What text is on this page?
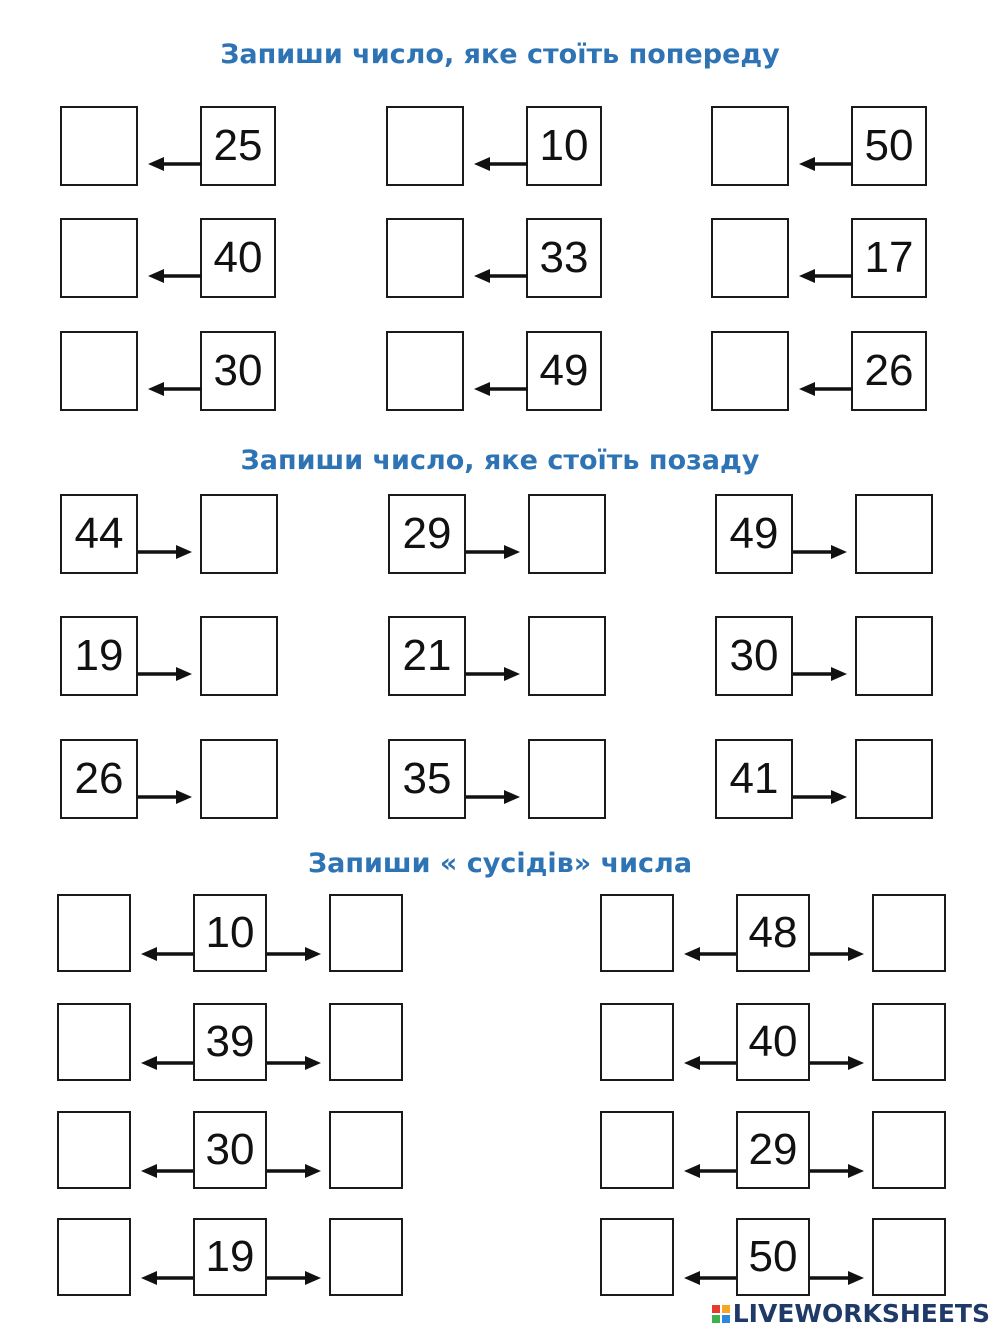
Запиши число, яке стоїть попереду
25	10	50
40	33	17
30	49	26
Запиши число, яке стоїть позаду
44	29	49
19	21	30
26	35	41
Запиши « сусідів» числа
10	48
39	40
30	29
19	50
LIVEWORKSHEETS
